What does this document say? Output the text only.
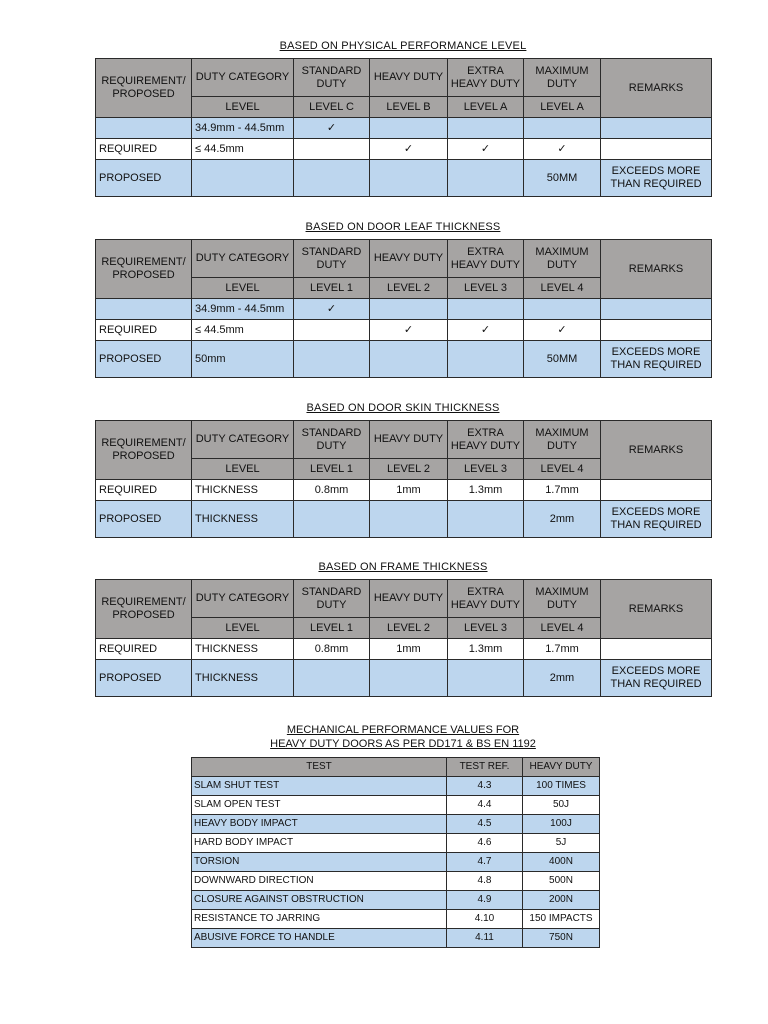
BASED ON PHYSICAL PERFORMANCE LEVEL
REQUIREMENT/ PROPOSED	DUTY CATEGORY	STANDARD DUTY	HEAVY DUTY	EXTRA HEAVY DUTY	MAXIMUM DUTY	REMARKS
	LEVEL	LEVEL C	LEVEL B	LEVEL A	LEVEL A	
	34.9mm - 44.5mm	✓				
REQUIRED	≤ 44.5mm		✓	✓	✓	
PROPOSED					50MM	EXCEEDS MORE THAN REQUIRED
BASED ON DOOR LEAF THICKNESS
REQUIREMENT/ PROPOSED	DUTY CATEGORY	STANDARD DUTY	HEAVY DUTY	EXTRA HEAVY DUTY	MAXIMUM DUTY	REMARKS
	LEVEL	LEVEL 1	LEVEL 2	LEVEL 3	LEVEL 4	
	34.9mm - 44.5mm	✓				
REQUIRED	≤ 44.5mm		✓	✓	✓	
PROPOSED	50mm				50MM	EXCEEDS MORE THAN REQUIRED
BASED ON DOOR SKIN THICKNESS
REQUIREMENT/ PROPOSED	DUTY CATEGORY	STANDARD DUTY	HEAVY DUTY	EXTRA HEAVY DUTY	MAXIMUM DUTY	REMARKS
	LEVEL	LEVEL 1	LEVEL 2	LEVEL 3	LEVEL 4	
REQUIRED	THICKNESS	0.8mm	1mm	1.3mm	1.7mm	
PROPOSED	THICKNESS				2mm	EXCEEDS MORE THAN REQUIRED
BASED ON FRAME THICKNESS
REQUIREMENT/ PROPOSED	DUTY CATEGORY	STANDARD DUTY	HEAVY DUTY	EXTRA HEAVY DUTY	MAXIMUM DUTY	REMARKS
	LEVEL	LEVEL 1	LEVEL 2	LEVEL 3	LEVEL 4	
REQUIRED	THICKNESS	0.8mm	1mm	1.3mm	1.7mm	
PROPOSED	THICKNESS				2mm	EXCEEDS MORE THAN REQUIRED
MECHANICAL PERFORMANCE VALUES FOR
HEAVY DUTY DOORS AS PER DD171 & BS EN 1192
TEST	TEST REF.	HEAVY DUTY
SLAM SHUT TEST	4.3	100 TIMES
SLAM OPEN TEST	4.4	50J
HEAVY BODY IMPACT	4.5	100J
HARD BODY IMPACT	4.6	5J
TORSION	4.7	400N
DOWNWARD DIRECTION	4.8	500N
CLOSURE AGAINST OBSTRUCTION	4.9	200N
RESISTANCE TO JARRING	4.10	150 IMPACTS
ABUSIVE FORCE TO HANDLE	4.11	750N
